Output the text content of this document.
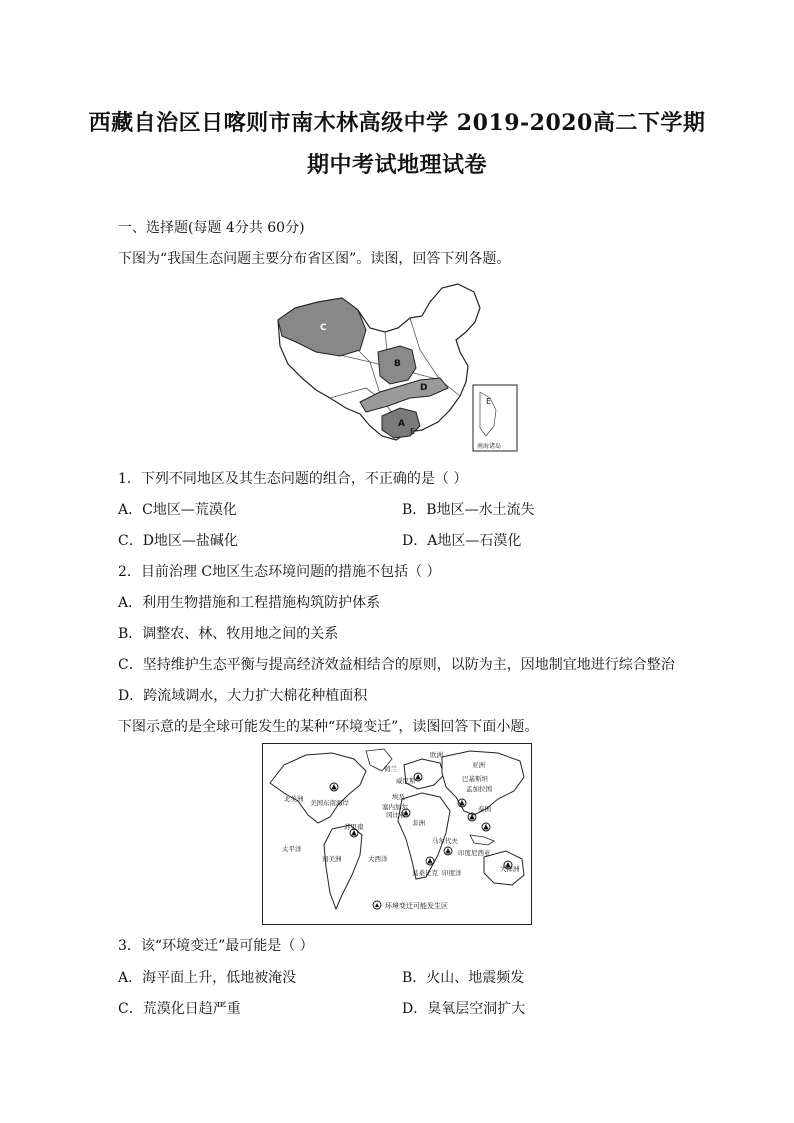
西藏自治区日喀则市南木林高级中学 2019-2020高二下学期
期中考试地理试卷
一、选择题(每题 4分共 60分)
下图为“我国生态问题主要分布省区图”。读图，回答下列各题。
C
B
D
A
E
E
南海诸岛
1．下列不同地区及其生态问题的组合，不正确的是（ ）
A．C地区—荒漠化	B．B地区—水土流失
C．D地区—盐碱化	D．A地区—石漠化
2．目前治理 C地区生态环境问题的措施不包括（ ）
A．利用生物措施和工程措施构筑防护体系
B．调整农、林、牧用地之间的关系
C．坚持维护生态平衡与提高经济效益相结合的原则，以防为主，因地制宜地进行综合整治
D．跨流域调水，大力扩大棉花种植面积
下图示意的是全球可能发生的某种“环境变迁”，读图回答下面小题。
北美洲 美国东南海岸
欧洲
荷兰
威尼斯
亚洲
巴基斯坦
孟加拉国
埃及
塞内加尔
冈比亚
非洲
苏里南
泰国
太平洋
南美洲	大西洋
马尔代夫
印度尼西亚
莫桑比克 印度洋	大洋洲
环境变迁可能发生区
3．该“环境变迁”最可能是（ ）
A．海平面上升，低地被淹没	B．火山、地震频发
C．荒漠化日趋严重	D．臭氧层空洞扩大
